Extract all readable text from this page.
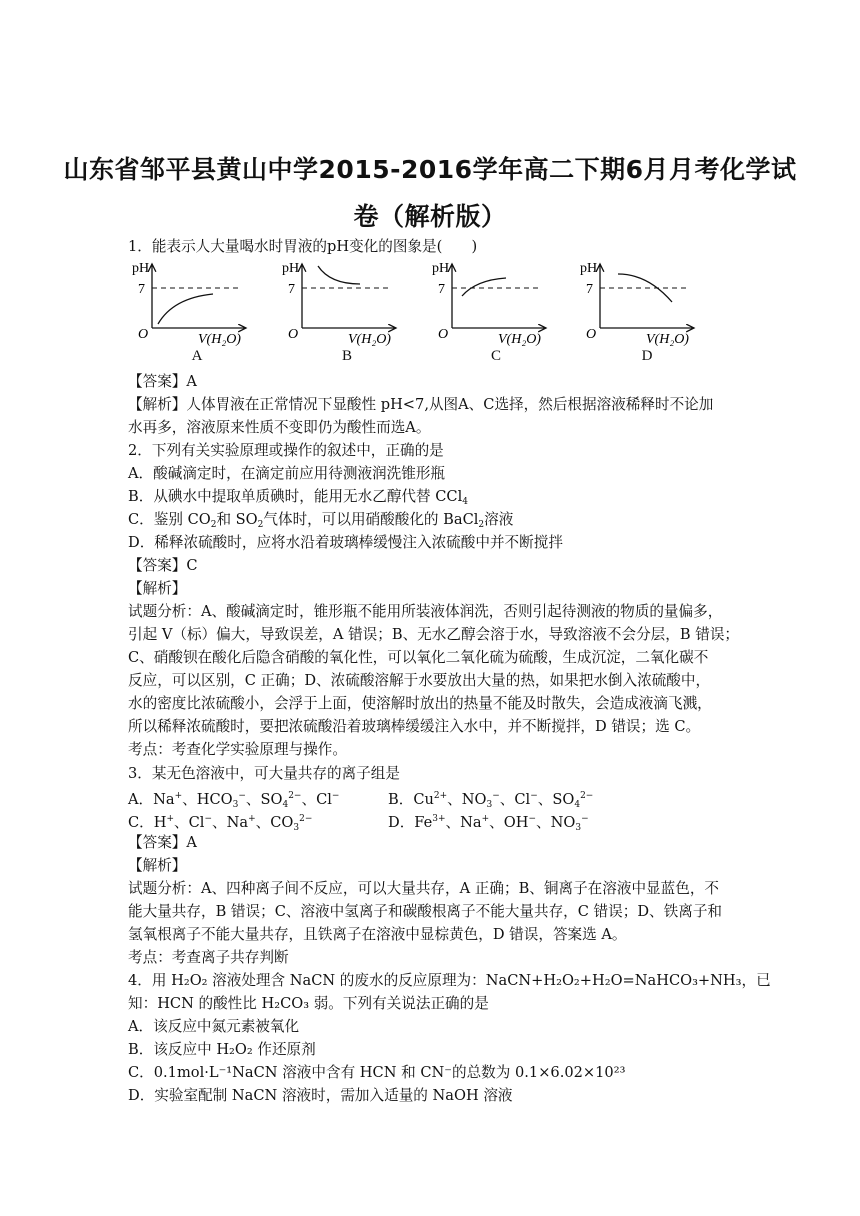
山东省邹平县黄山中学2015-2016学年高二下期6月月考化学试
卷（解析版）
1．能表示人大量喝水时胃液的pH变化的图象是(　　)
pH
7
O	V(H₂O)
pH
7
O	V(H₂O)
pH
7
O	V(H₂O)
pH
7
O	V(H₂O)
A	B	C	D
【答案】A
【解析】人体胃液在正常情况下显酸性 pH<7,从图A、C选择，然后根据溶液稀释时不论加
水再多，溶液原来性质不变即仍为酸性而选A。
2．下列有关实验原理或操作的叙述中，正确的是
A．酸碱滴定时，在滴定前应用待测液润洗锥形瓶
B．从碘水中提取单质碘时，能用无水乙醇代替 CCl$_4$
C．鉴别 $CO_2$和 $SO_2$气体时，可以用硝酸酸化的 BaCl$_2$溶液
D．稀释浓硫酸时，应将水沿着玻璃棒缓慢注入浓硫酸中并不断搅拌
【答案】C
【解析】
试题分析：A、酸碱滴定时，锥形瓶不能用所装液体润洗，否则引起待测液的物质的量偏多，
引起 V（标）偏大，导致误差，A 错误；B、无水乙醇会溶于水，导致溶液不会分层，B 错误；
C、硝酸钡在酸化后隐含硝酸的氧化性，可以氧化二氧化硫为硫酸，生成沉淀，二氧化碳不
反应，可以区别，C 正确；D、浓硫酸溶解于水要放出大量的热，如果把水倒入浓硫酸中，
水的密度比浓硫酸小，会浮于上面，使溶解时放出的热量不能及时散失，会造成液滴飞溅，
所以稀释浓硫酸时，要把浓硫酸沿着玻璃棒缓缓注入水中，并不断搅拌，D 错误；选 C。
考点：考查化学实验原理与操作。
3．某无色溶液中，可大量共存的离子组是
A．Na+、$HCO_3^-$、$SO_4^{2-}$、Cl−	B．$Cu^{2+}$、$NO_3^-$、Cl−、$SO_4^{2-}$
C．H+、Cl−、Na+、$CO_3^{2-}$	D．$Fe^{3+}$、Na+、OH−、$NO_3^-$
【答案】A
【解析】
试题分析：A、四种离子间不反应，可以大量共存，A 正确；B、铜离子在溶液中显蓝色，不
能大量共存，B 错误；C、溶液中氢离子和碳酸根离子不能大量共存，C 错误；D、铁离子和
氢氧根离子不能大量共存，且铁离子在溶液中显棕黄色，D 错误，答案选 A。
考点：考查离子共存判断
4．用 H₂O₂ 溶液处理含 NaCN 的废水的反应原理为：NaCN+H₂O₂+H₂O=NaHCO₃+NH₃，已
知：HCN 的酸性比 H₂CO₃ 弱。下列有关说法正确的是
A．该反应中氮元素被氧化
B．该反应中 H₂O₂ 作还原剂
C．0.1mol·L⁻¹NaCN 溶液中含有 HCN 和 CN⁻的总数为 0.1×6.02×10²³
D．实验室配制 NaCN 溶液时，需加入适量的 NaOH 溶液
